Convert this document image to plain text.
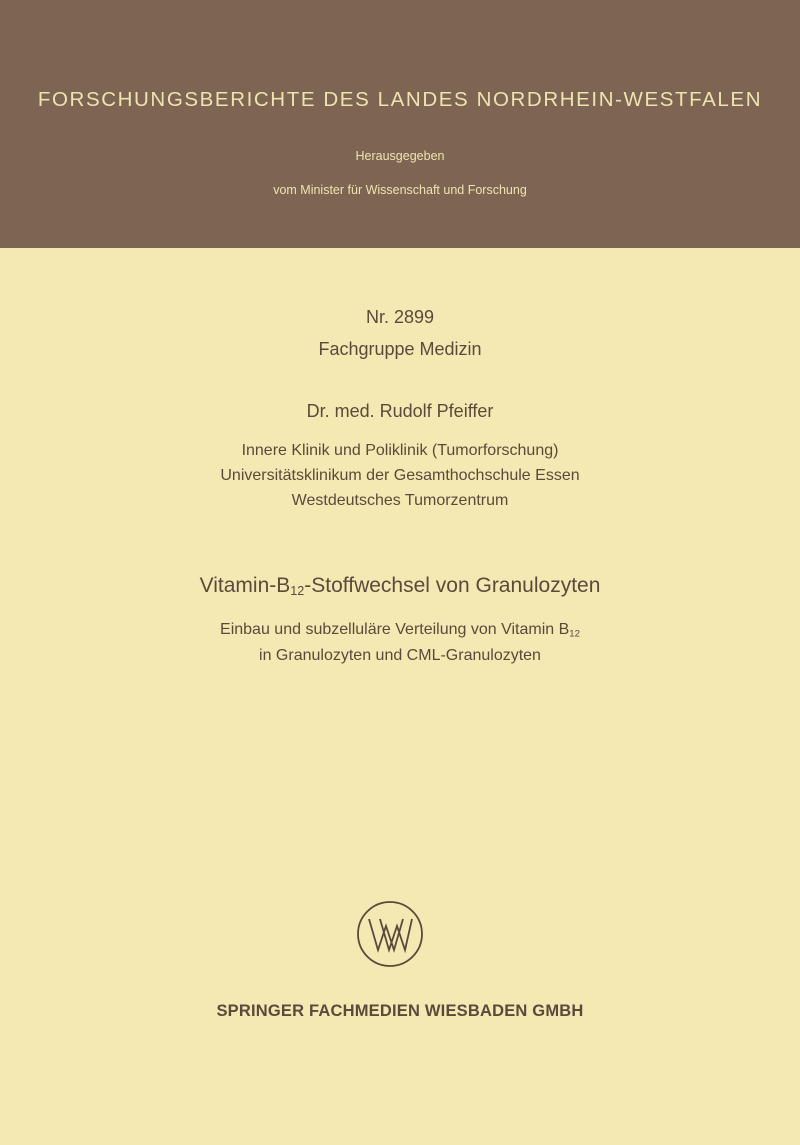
FORSCHUNGSBERICHTE DES LANDES NORDRHEIN-WESTFALEN
Herausgegeben
vom Minister für Wissenschaft und Forschung
Nr. 2899
Fachgruppe Medizin
Dr. med. Rudolf Pfeiffer
Innere Klinik und Poliklinik (Tumorforschung)
Universitätsklinikum der Gesamthochschule Essen
Westdeutsches Tumorzentrum
Vitamin-B12-Stoffwechsel von Granulozyten
Einbau und subzelluläre Verteilung von Vitamin B12
in Granulozyten und CML-Granulozyten
SPRINGER FACHMEDIEN WIESBADEN GMBH
